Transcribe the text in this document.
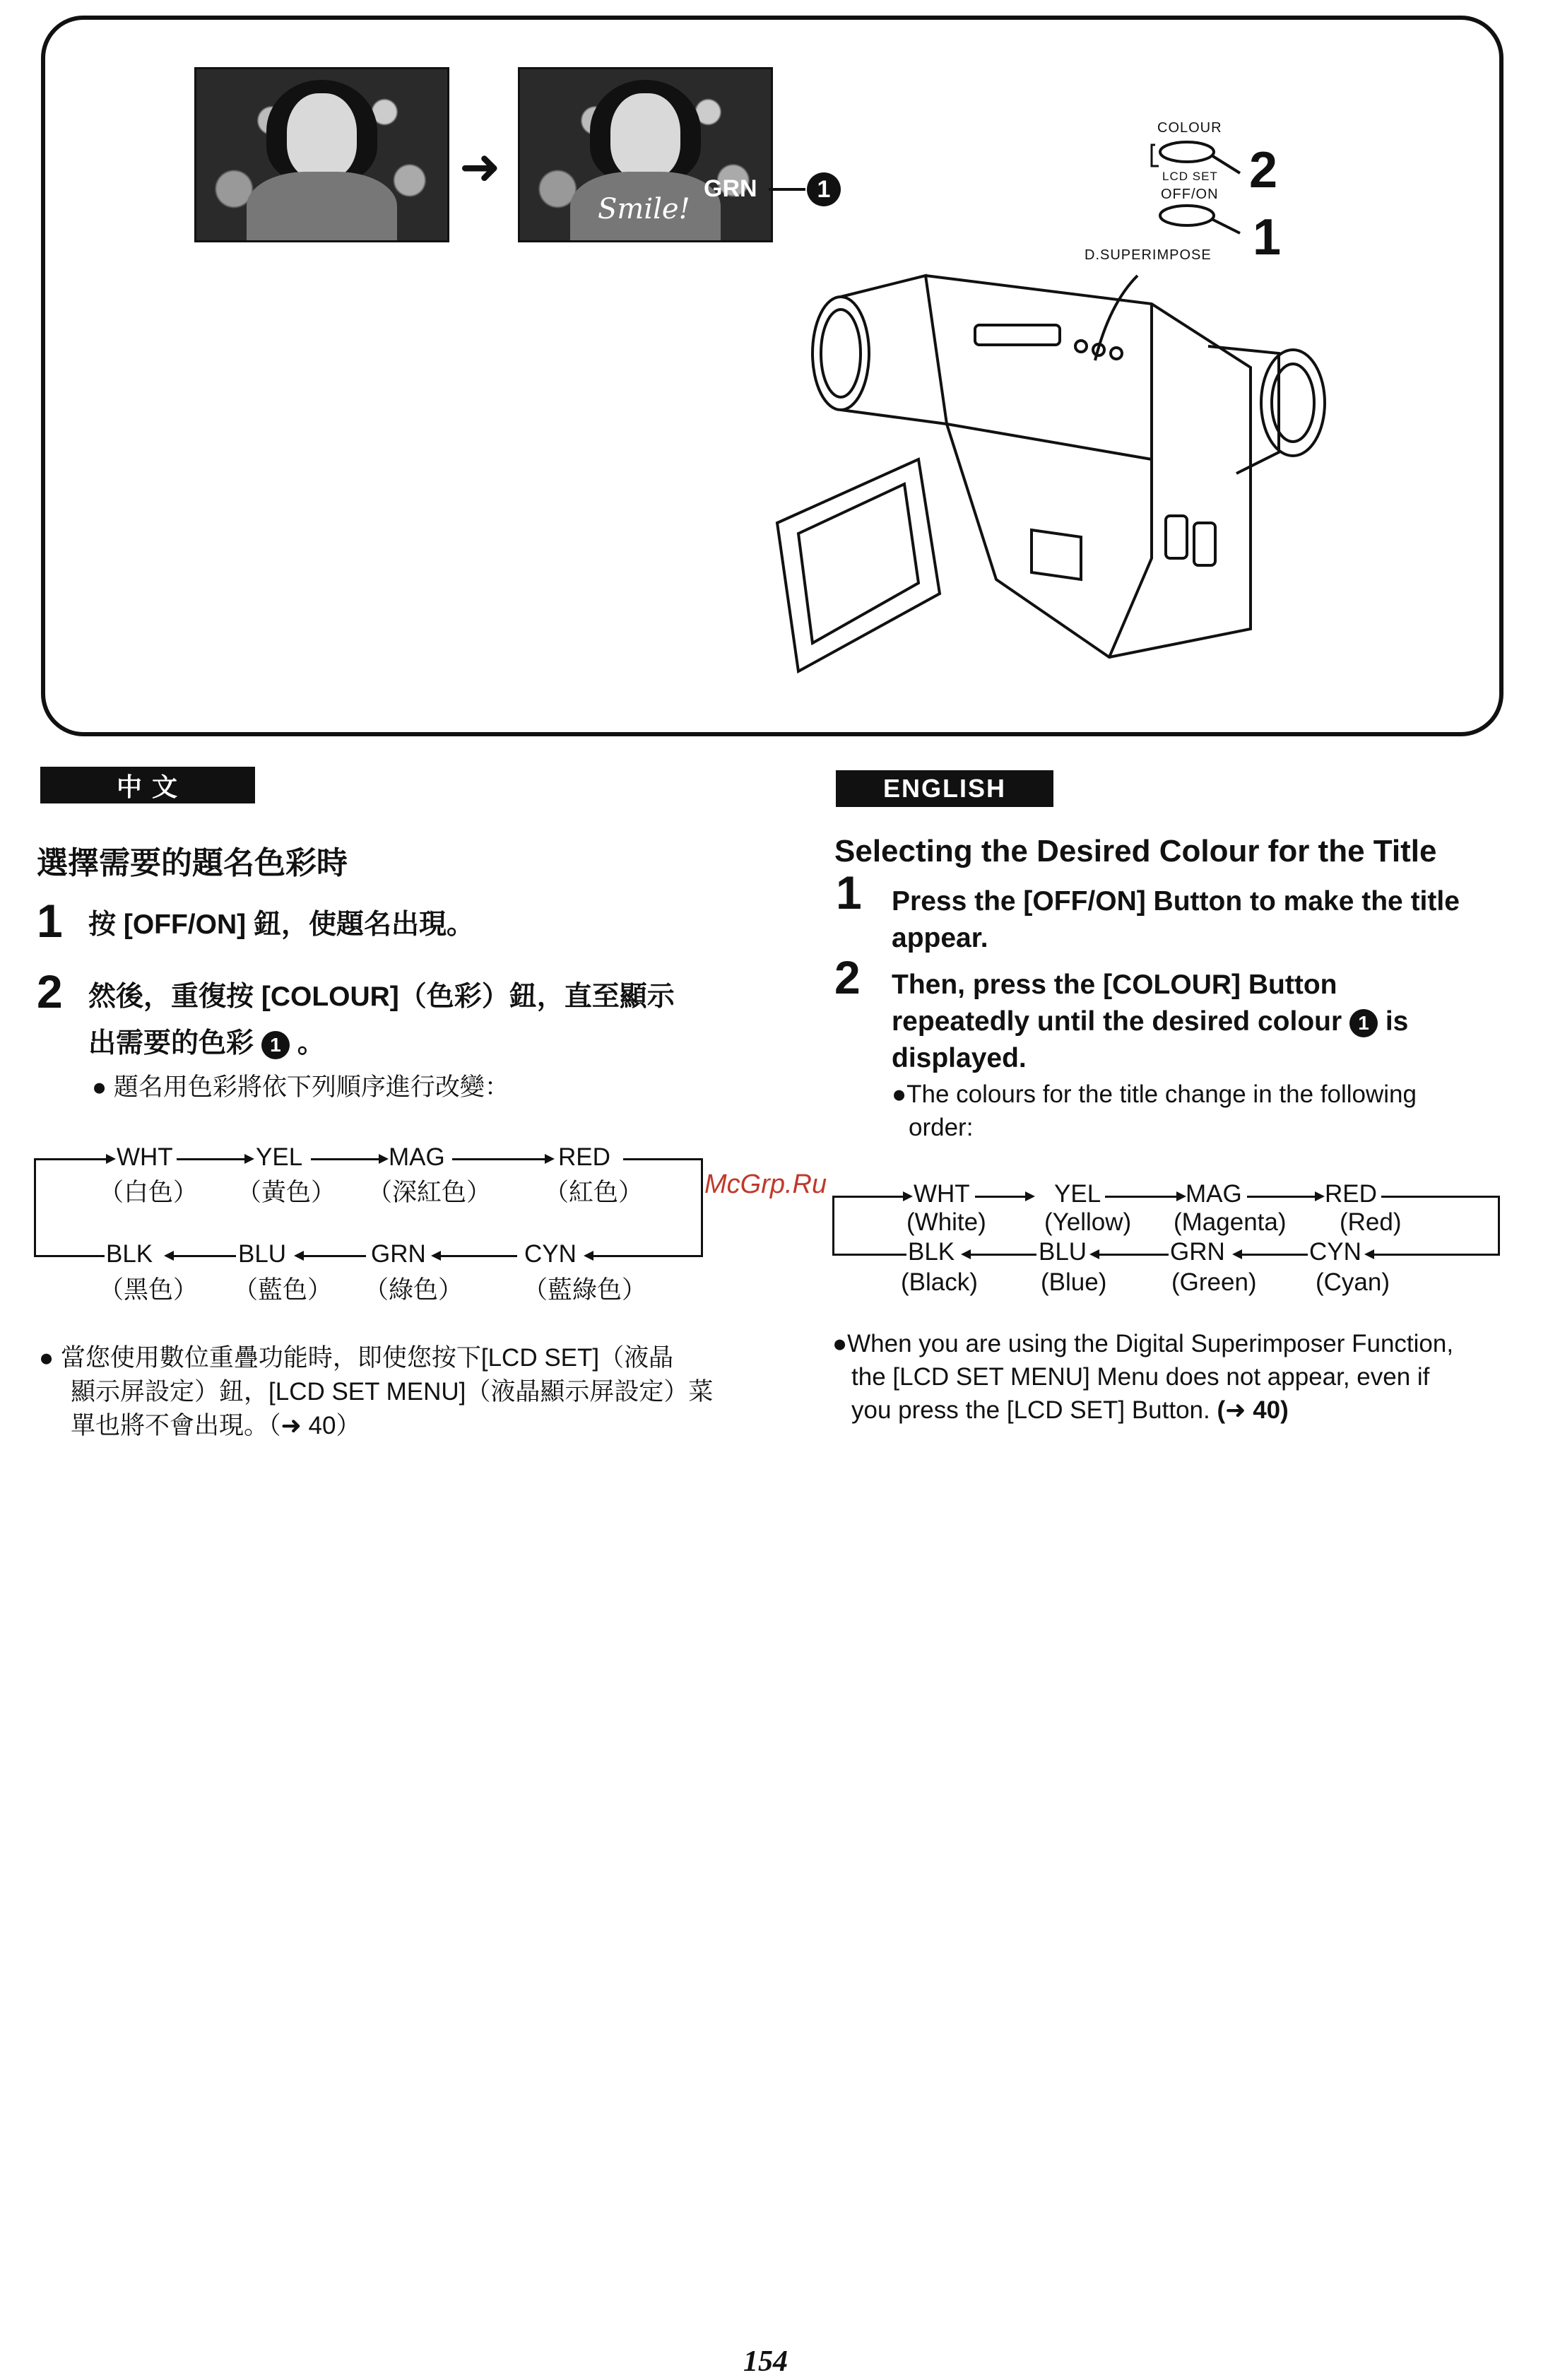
➜
Smile!
GRN	1
COLOUR
LCD SET
OFF/ON
D.SUPERIMPOSE
2
1
中 文
選擇需要的題名色彩時
1 按 [OFF/ON] 鈕，使題名出現。
2 然後，重復按 [COLOUR]（色彩）鈕，直至顯示
出需要的色彩 1 。
● 題名用色彩將依下列順序進行改變：
WHT	YEL	MAG	RED
（白色） （黃色） （深紅色） （紅色）
BLK	BLU	GRN	CYN
（黑色） （藍色） （綠色） （藍綠色）
● 當您使用數位重疊功能時，即使您按下[LCD SET]（液晶
顯示屏設定）鈕，[LCD SET MENU]（液晶顯示屏設定）菜
單也將不會出現。（➜ 40）
McGrp.Ru
ENGLISH
Selecting the Desired Colour for the Title
1 Press the [OFF/ON] Button to make the title
appear.
2 Then, press the [COLOUR] Button
repeatedly until the desired colour 1 is
displayed.
●The colours for the title change in the following
order:
WHT	YEL	MAG	RED
(White) (Yellow) (Magenta) (Red)
BLK	BLU	GRN	CYN
(Black)	(Blue)	(Green) (Cyan)
●When you are using the Digital Superimposer Function,
the [LCD SET MENU] Menu does not appear, even if
you press the [LCD SET] Button. (➜ 40)
154
